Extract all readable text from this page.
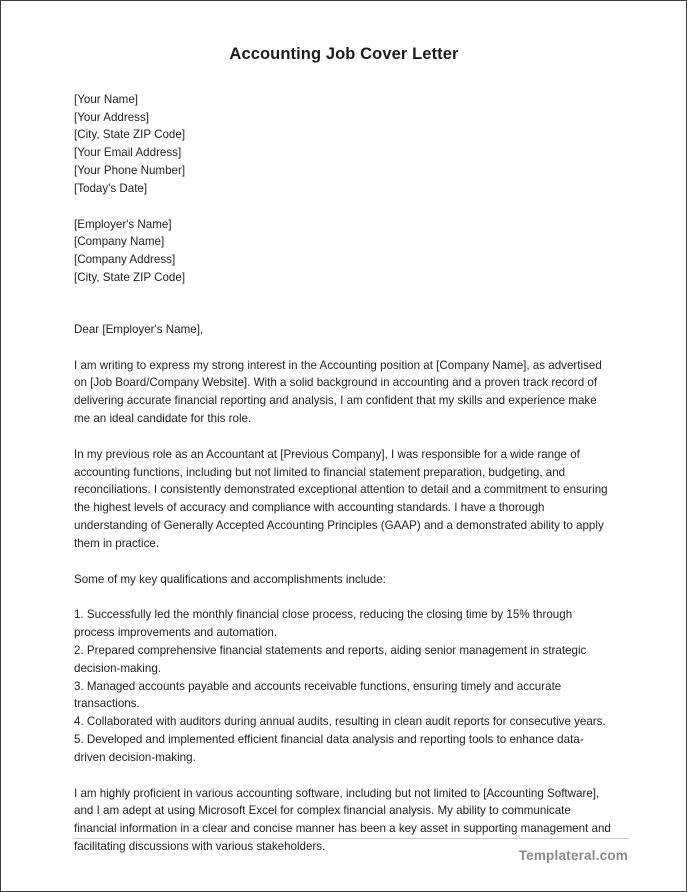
Accounting Job Cover Letter

[Your Name]

[Your Address]

[City, State ZIP Code]

[Your Email Address]

[Your Phone Number]

[Today's Date]

[Employer's Name]

[Company Name]

[Company Address]

[City, State ZIP Code]

Dear [Employer's Name],

I am writing to express my strong interest in the Accounting position at [Company Name], as advertised on [Job Board/Company Website]. With a solid background in accounting and a proven track record of delivering accurate financial reporting and analysis, I am confident that my skills and experience make me an ideal candidate for this role.

In my previous role as an Accountant at [Previous Company], I was responsible for a wide range of accounting functions, including but not limited to financial statement preparation, budgeting, and reconciliations. I consistently demonstrated exceptional attention to detail and a commitment to ensuring the highest levels of accuracy and compliance with accounting standards. I have a thorough understanding of Generally Accepted Accounting Principles (GAAP) and a demonstrated ability to apply them in practice.

Some of my key qualifications and accomplishments include:

1. Successfully led the monthly financial close process, reducing the closing time by 15% through process improvements and automation.
2. Prepared comprehensive financial statements and reports, aiding senior management in strategic decision-making.
3. Managed accounts payable and accounts receivable functions, ensuring timely and accurate transactions.
4. Collaborated with auditors during annual audits, resulting in clean audit reports for consecutive years.
5. Developed and implemented efficient financial data analysis and reporting tools to enhance data-driven decision-making.

I am highly proficient in various accounting software, including but not limited to [Accounting Software], and I am adept at using Microsoft Excel for complex financial analysis. My ability to communicate financial information in a clear and concise manner has been a key asset in supporting management and facilitating discussions with various stakeholders.

Templateral.com
